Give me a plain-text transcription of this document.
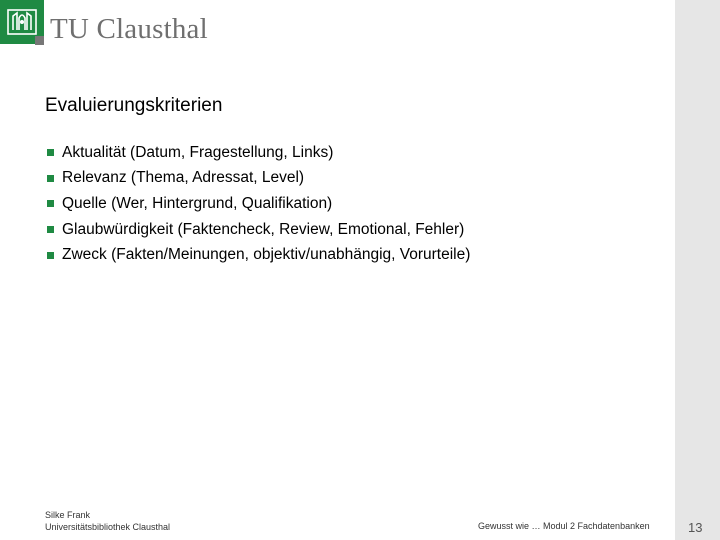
TU Clausthal
Evaluierungskriterien
Aktualität (Datum, Fragestellung, Links)
Relevanz (Thema, Adressat, Level)
Quelle (Wer, Hintergrund, Qualifikation)
Glaubwürdigkeit (Faktencheck, Review, Emotional, Fehler)
Zweck (Fakten/Meinungen, objektiv/unabhängig, Vorurteile)
Silke Frank
Universitätsbibliothek Clausthal	Gewusst wie … Modul 2 Fachdatenbanken	13
